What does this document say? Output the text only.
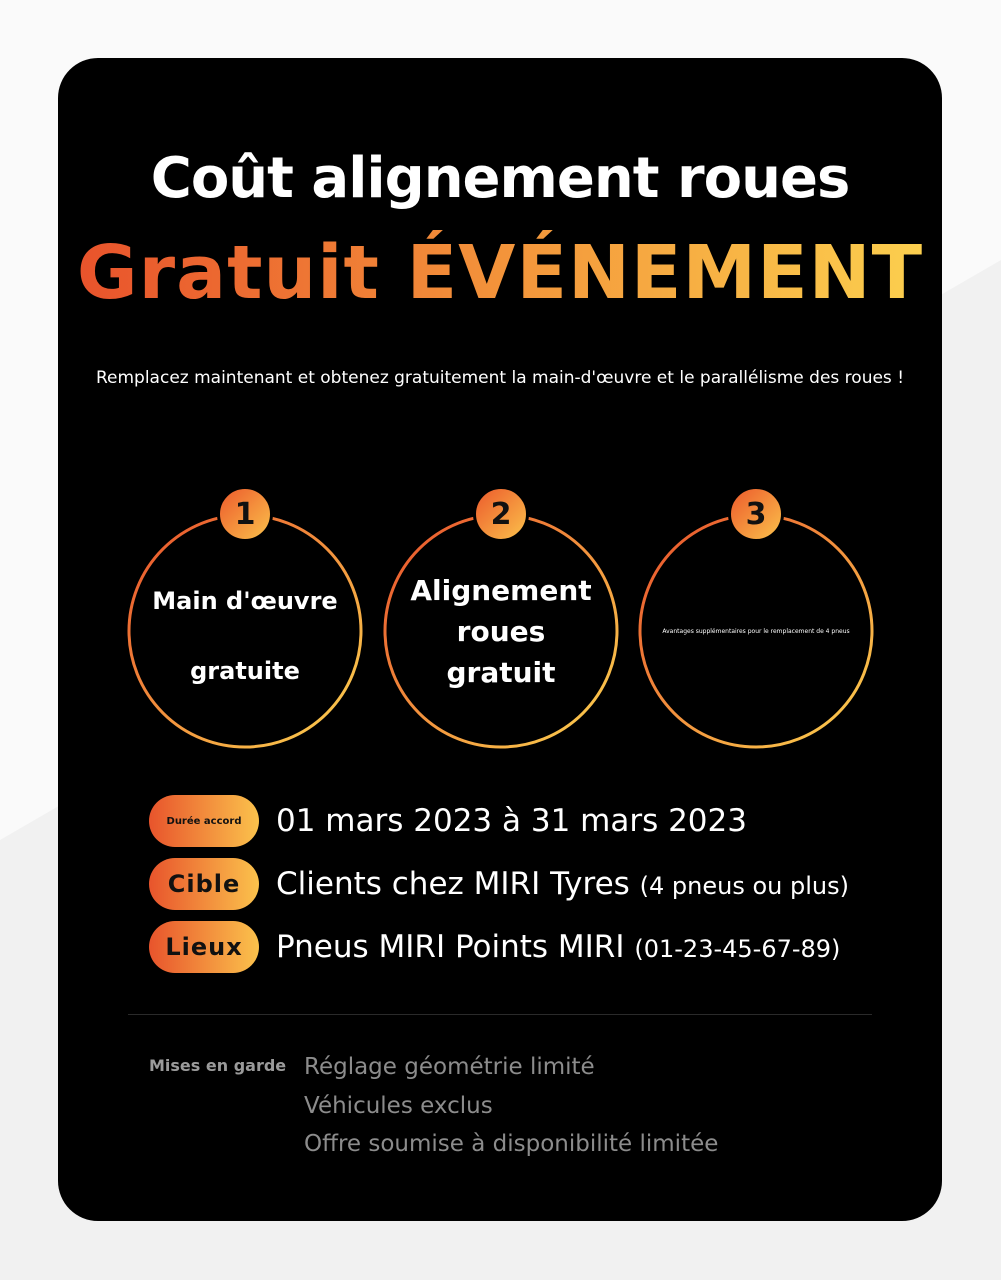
Coût alignement roues
Gratuit ÉVÉNEMENT
Remplacez maintenant et obtenez gratuitement la main-d'œuvre et le parallélisme des roues !
1
Main d'œuvre
gratuite
2
Alignement
roues gratuit
3
Avantages supplémentaires pour le remplacement de 4 pneus
Durée accord	01 mars 2023 à 31 mars 2023
Cible	Clients chez MIRI Tyres (4 pneus ou plus)
Lieux	Pneus MIRI Points MIRI (01-23-45-67-89)
Mises en garde Réglage géométrie limité
Véhicules exclus
Offre soumise à disponibilité limitée
